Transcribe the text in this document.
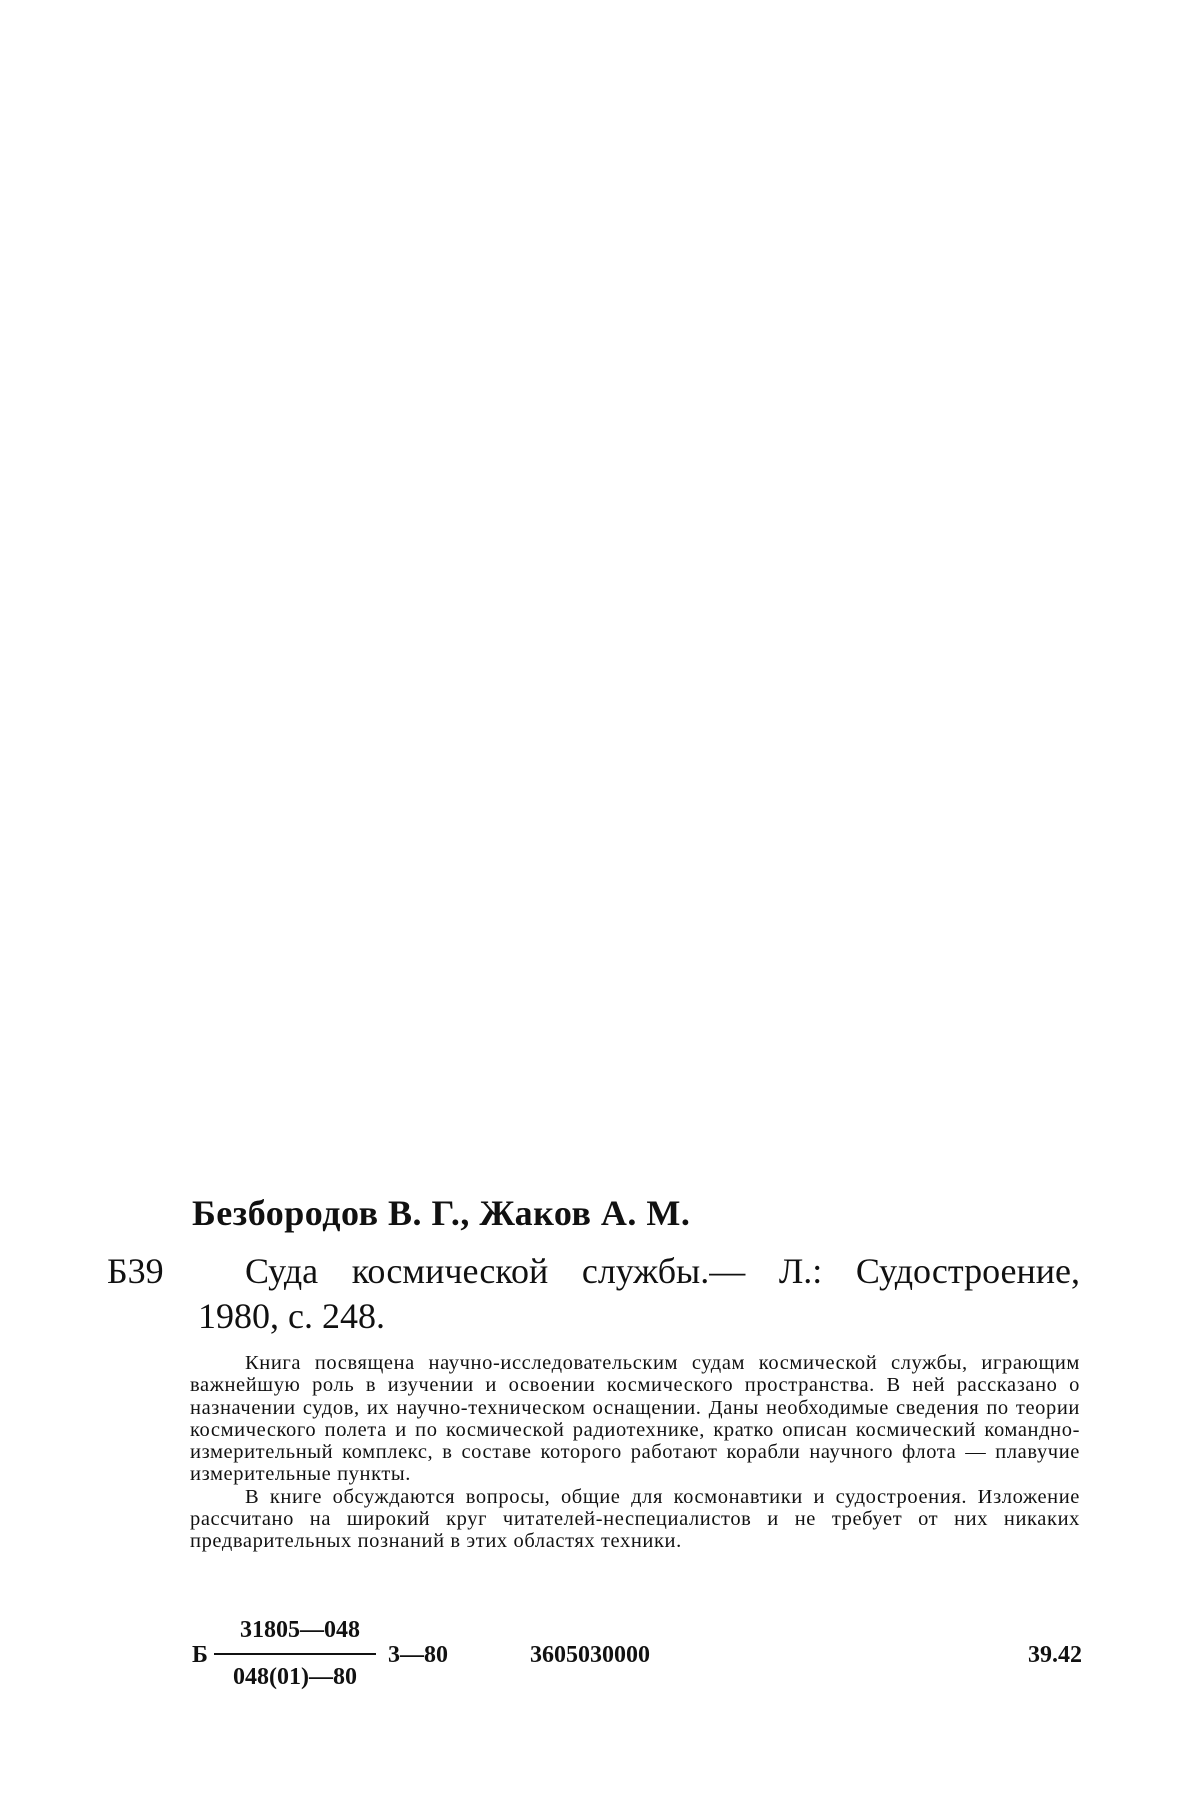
Безбородов В. Г., Жаков А. М.
Б39 Суда космической службы.— Л.: Судостроение,
1980, с. 248.

Книга посвящена научно-исследовательским судам космической службы, играющим важнейшую роль в изучении и освоении космического пространства. В ней рассказано о назначении судов, их научно-техническом оснащении. Даны необходимые сведения по теории космического полета и по космической радиотехнике, кратко описан космический командно-измерительный комплекс, в составе которого работают корабли научного флота — плавучие измерительные пункты.

В книге обсуждаются вопросы, общие для космонавтики и судостроения. Изложение рассчитано на широкий круг читателей-неспециалистов и не требует от них никаких предварительных познаний в этих областях техники.

Б
31805—048
048(01)—80
3—80	3605030000	39.42
